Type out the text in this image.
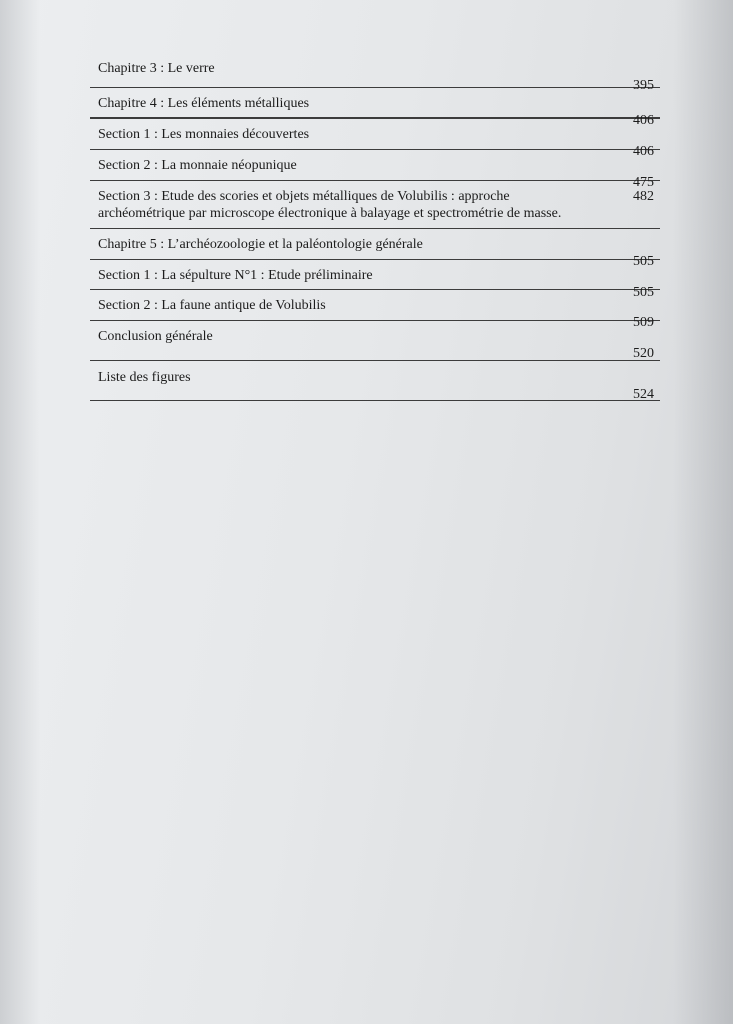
Chapitre 3 : Le verre
395
Chapitre 4 : Les éléments métalliques
406
Section 1 : Les monnaies découvertes
406
Section 2 : La monnaie néopunique
475
Section 3 : Etude des scories et objets métalliques de Volubilis : approche archéométrique par microscope électronique à balayage et spectrométrie de masse.
482
Chapitre 5 : L’archéozoologie et la paléontologie générale
505
Section 1 : La sépulture N°1 : Etude préliminaire
505
Section 2 : La faune antique de Volubilis
509
Conclusion générale
520
Liste des figures
524
